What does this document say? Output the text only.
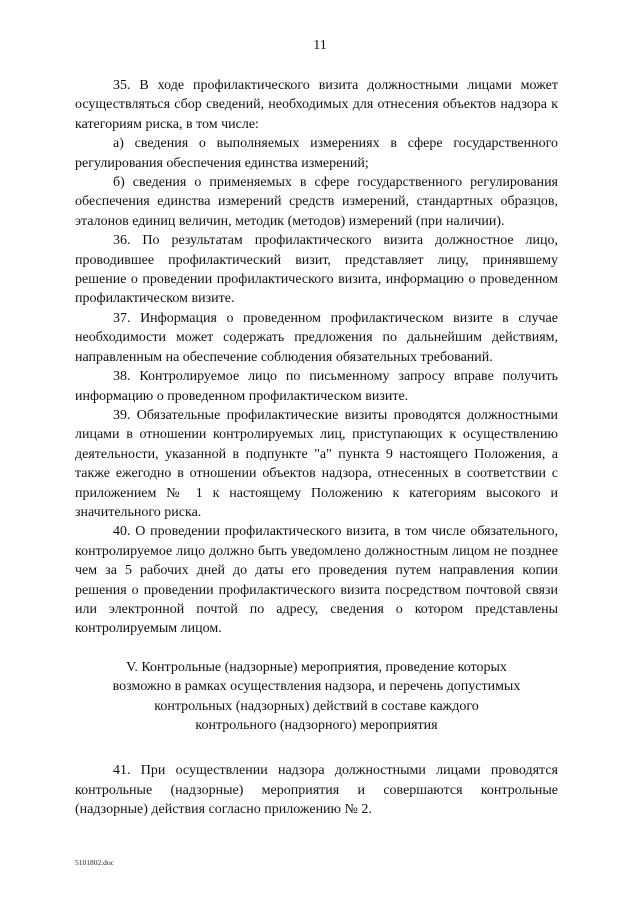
11

35. В ходе профилактического визита должностными лицами может осуществляться сбор сведений, необходимых для отнесения объектов надзора к категориям риска, в том числе:

а) сведения о выполняемых измерениях в сфере государственного регулирования обеспечения единства измерений;

б) сведения о применяемых в сфере государственного регулирования обеспечения единства измерений средств измерений, стандартных образцов, эталонов единиц величин, методик (методов) измерений (при наличии).

36. По результатам профилактического визита должностное лицо, проводившее профилактический визит, представляет лицу, принявшему решение о проведении профилактического визита, информацию о проведенном профилактическом визите.

37. Информация о проведенном профилактическом визите в случае необходимости может содержать предложения по дальнейшим действиям, направленным на обеспечение соблюдения обязательных требований.

38. Контролируемое лицо по письменному запросу вправе получить информацию о проведенном профилактическом визите.

39. Обязательные профилактические визиты проводятся должностными лицами в отношении контролируемых лиц, приступающих к осуществлению деятельности, указанной в подпункте "а" пункта 9 настоящего Положения, а также ежегодно в отношении объектов надзора, отнесенных в соответствии с приложением № 1 к настоящему Положению к категориям высокого и значительного риска.

40. О проведении профилактического визита, в том числе обязательного, контролируемое лицо должно быть уведомлено должностным лицом не позднее чем за 5 рабочих дней до даты его проведения путем направления копии решения о проведении профилактического визита посредством почтовой связи или электронной почтой по адресу, сведения о котором представлены контролируемым лицом.

V. Контрольные (надзорные) мероприятия, проведение которых
возможно в рамках осуществления надзора, и перечень допустимых
контрольных (надзорных) действий в составе каждого
контрольного (надзорного) мероприятия

41. При осуществлении надзора должностными лицами проводятся контрольные (надзорные) мероприятия и совершаются контрольные (надзорные) действия согласно приложению № 2.

5101802.doc
